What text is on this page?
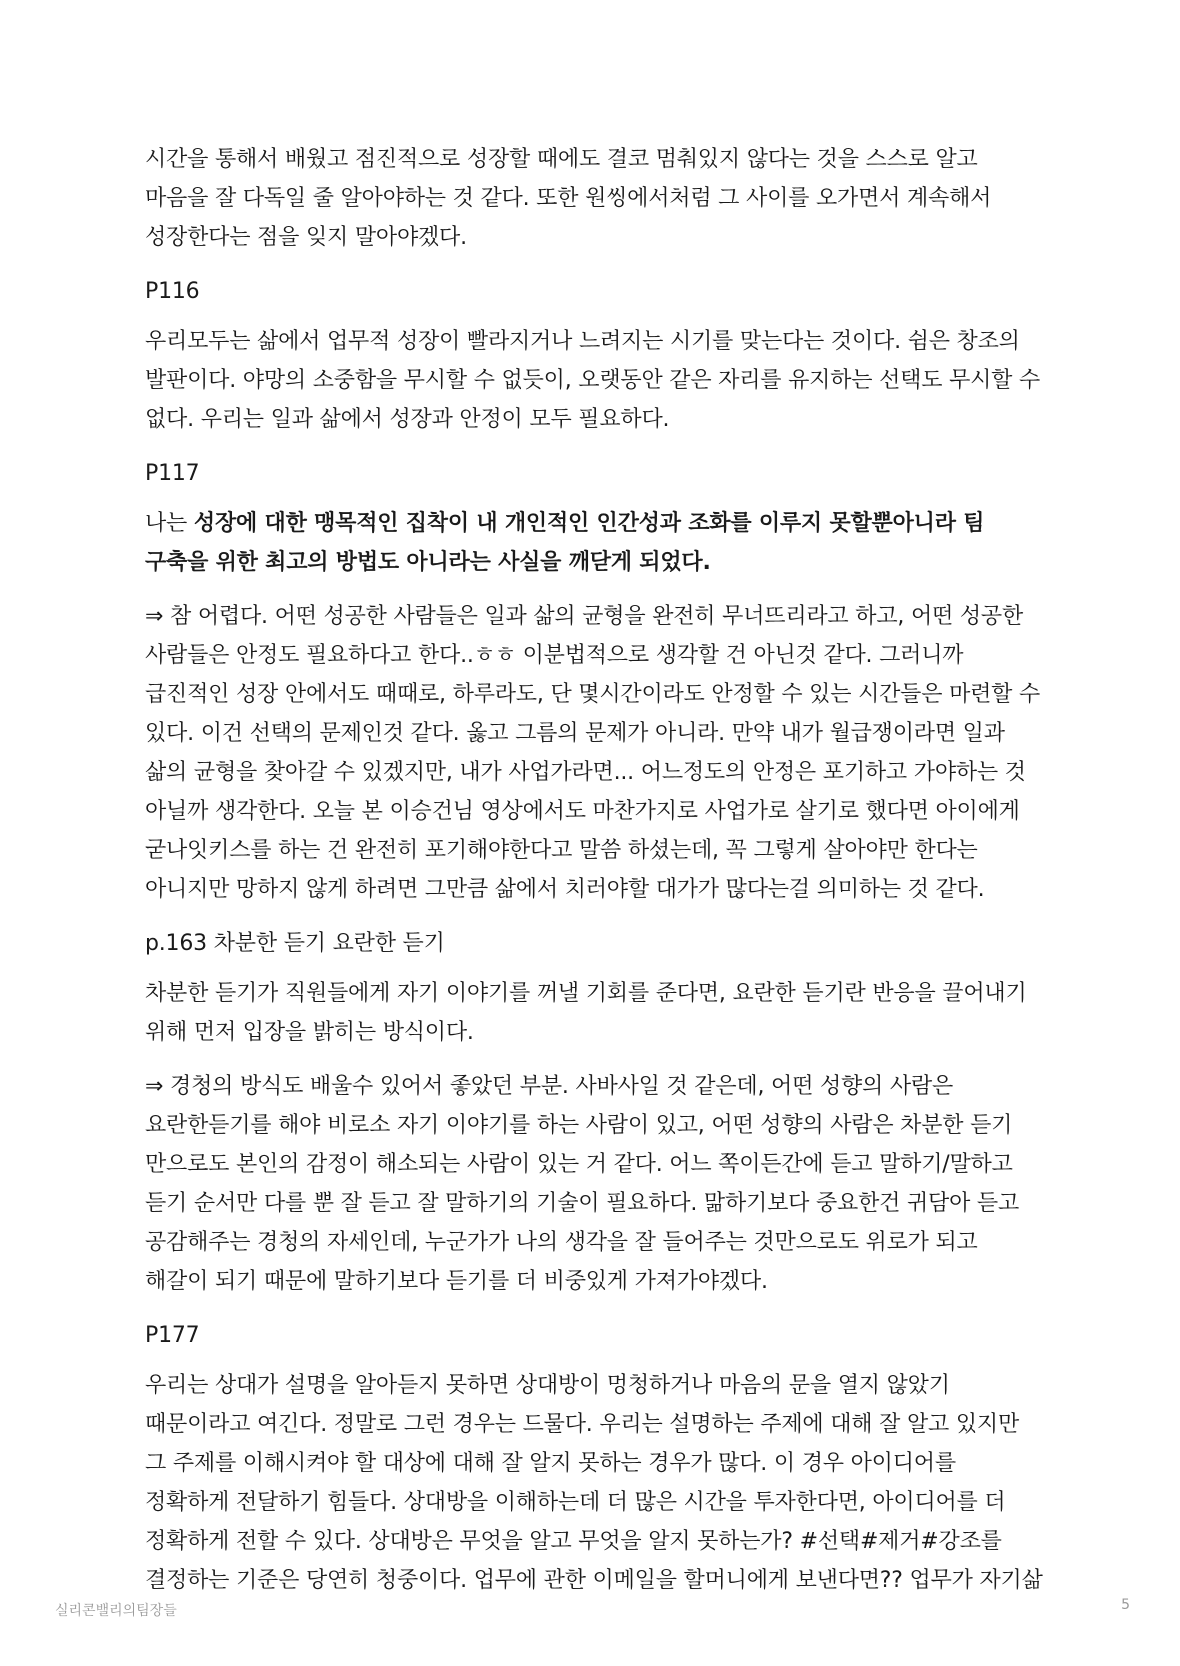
시간을 통해서 배웠고 점진적으로 성장할 때에도 결코 멈춰있지 않다는 것을 스스로 알고 마음을 잘 다독일 줄 알아야하는 것 같다. 또한 원씽에서처럼 그 사이를 오가면서 계속해서 성장한다는 점을 잊지 말아야겠다.

P116

우리모두는 삶에서 업무적 성장이 빨라지거나 느려지는 시기를 맞는다는 것이다. 쉼은 창조의 발판이다. 야망의 소중함을 무시할 수 없듯이, 오랫동안 같은 자리를 유지하는 선택도 무시할 수 없다. 우리는 일과 삶에서 성장과 안정이 모두 필요하다.

P117

나는 성장에 대한 맹목적인 집착이 내 개인적인 인간성과 조화를 이루지 못할뿐아니라 팀 구축을 위한 최고의 방법도 아니라는 사실을 깨닫게 되었다.

⇒ 참 어렵다. 어떤 성공한 사람들은 일과 삶의 균형을 완전히 무너뜨리라고 하고, 어떤 성공한 사람들은 안정도 필요하다고 한다..ㅎㅎ 이분법적으로 생각할 건 아닌것 같다. 그러니까 급진적인 성장 안에서도 때때로, 하루라도, 단 몇시간이라도 안정할 수 있는 시간들은 마련할 수 있다. 이건 선택의 문제인것 같다. 옳고 그름의 문제가 아니라. 만약 내가 월급쟁이라면 일과 삶의 균형을 찾아갈 수 있겠지만, 내가 사업가라면... 어느정도의 안정은 포기하고 가야하는 것 아닐까 생각한다. 오늘 본 이승건님 영상에서도 마찬가지로 사업가로 살기로 했다면 아이에게 굳나잇키스를 하는 건 완전히 포기해야한다고 말씀 하셨는데, 꼭 그렇게 살아야만 한다는 아니지만 망하지 않게 하려면 그만큼 삶에서 치러야할 대가가 많다는걸 의미하는 것 같다.

p.163 차분한 듣기 요란한 듣기

차분한 듣기가 직원들에게 자기 이야기를 꺼낼 기회를 준다면, 요란한 듣기란 반응을 끌어내기 위해 먼저 입장을 밝히는 방식이다.

⇒ 경청의 방식도 배울수 있어서 좋았던 부분. 사바사일 것 같은데, 어떤 성향의 사람은 요란한듣기를 해야 비로소 자기 이야기를 하는 사람이 있고, 어떤 성향의 사람은 차분한 듣기 만으로도 본인의 감정이 해소되는 사람이 있는 거 같다. 어느 쪽이든간에 듣고 말하기/말하고 듣기 순서만 다를 뿐 잘 듣고 잘 말하기의 기술이 필요하다. 맒하기보다 중요한건 귀담아 듣고 공감해주는 경청의 자세인데, 누군가가 나의 생각을 잘 들어주는 것만으로도 위로가 되고 해갈이 되기 때문에 말하기보다 듣기를 더 비중있게 가져가야겠다.

P177

우리는 상대가 설명을 알아듣지 못하면 상대방이 멍청하거나 마음의 문을 열지 않았기 때문이라고 여긴다. 정말로 그런 경우는 드물다. 우리는 설명하는 주제에 대해 잘 알고 있지만 그 주제를 이해시켜야 할 대상에 대해 잘 알지 못하는 경우가 많다. 이 경우 아이디어를 정확하게 전달하기 힘들다. 상대방을 이해하는데 더 많은 시간을 투자한다면, 아이디어를 더 정확하게 전할 수 있다. 상대방은 무엇을 알고 무엇을 알지 못하는가? #선택#제거#강조를 결정하는 기준은 당연히 청중이다. 업무에 관한 이메일을 할머니에게 보낸다면?? 업무가 자기삶

실리콘밸리의팀장들	5
